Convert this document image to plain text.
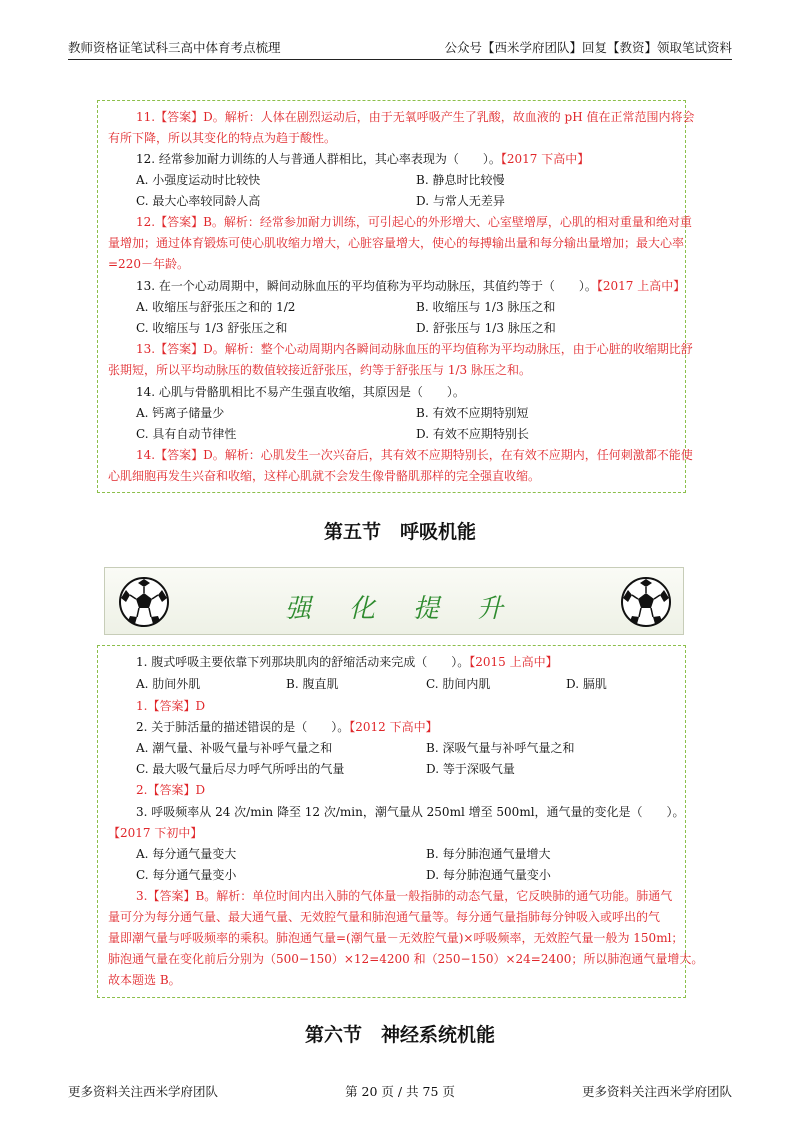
教师资格证笔试科三高中体育考点梳理	公众号【西米学府团队】回复【教资】领取笔试资料
11.【答案】D。解析：人体在剧烈运动后，由于无氧呼吸产生了乳酸，故血液的 pH 值在正常范围内将会
有所下降，所以其变化的特点为趋于酸性。
12. 经常参加耐力训练的人与普通人群相比，其心率表现为（　　）。【2017 下高中】
A. 小强度运动时比较快	B. 静息时比较慢
C. 最大心率较同龄人高	D. 与常人无差异
12.【答案】B。解析：经常参加耐力训练，可引起心的外形增大、心室壁增厚，心肌的相对重量和绝对重
量增加；通过体育锻炼可使心肌收缩力增大，心脏容量增大，使心的每搏输出量和每分输出量增加；最大心率
=220－年龄。
13. 在一个心动周期中，瞬间动脉血压的平均值称为平均动脉压，其值约等于（　　）。【2017 上高中】
A. 收缩压与舒张压之和的 1/2	B. 收缩压与 1/3 脉压之和
C. 收缩压与 1/3 舒张压之和	D. 舒张压与 1/3 脉压之和
13.【答案】D。解析：整个心动周期内各瞬间动脉血压的平均值称为平均动脉压，由于心脏的收缩期比舒
张期短，所以平均动脉压的数值较接近舒张压，约等于舒张压与 1/3 脉压之和。
14. 心肌与骨骼肌相比不易产生强直收缩，其原因是（　　）。
A. 钙离子储量少	B. 有效不应期特别短
C. 具有自动节律性	D. 有效不应期特别长
14.【答案】D。解析：心肌发生一次兴奋后，其有效不应期特别长，在有效不应期内，任何刺激都不能使
心肌细胞再发生兴奋和收缩，这样心肌就不会发生像骨骼肌那样的完全强直收缩。
第五节　呼吸机能
强化提升
1. 腹式呼吸主要依靠下列那块肌肉的舒缩活动来完成（　　）。【2015 上高中】
A. 肋间外肌	B. 腹直肌	C. 肋间内肌	D. 膈肌
1.【答案】D
2. 关于肺活量的描述错误的是（　　）。【2012 下高中】
A. 潮气量、补吸气量与补呼气量之和	B. 深吸气量与补呼气量之和
C. 最大吸气量后尽力呼气所呼出的气量	D. 等于深吸气量
2.【答案】D
3. 呼吸频率从 24 次/min 降至 12 次/min，潮气量从 250ml 增至 500ml，通气量的变化是（　　）。
【2017 下初中】
A. 每分通气量变大	B. 每分肺泡通气量增大
C. 每分通气量变小	D. 每分肺泡通气量变小
3.【答案】B。解析：单位时间内出入肺的气体量一般指肺的动态气量，它反映肺的通气功能。肺通气
量可分为每分通气量、最大通气量、无效腔气量和肺泡通气量等。每分通气量指肺每分钟吸入或呼出的气
量即潮气量与呼吸频率的乘积。肺泡通气量=(潮气量－无效腔气量)×呼吸频率，无效腔气量一般为 150ml；
肺泡通气量在变化前后分别为（500−150）×12=4200 和（250−150）×24=2400；所以肺泡通气量增大。
故本题选 B。
第六节　神经系统机能
更多资料关注西米学府团队	第 20 页 / 共 75 页	更多资料关注西米学府团队
